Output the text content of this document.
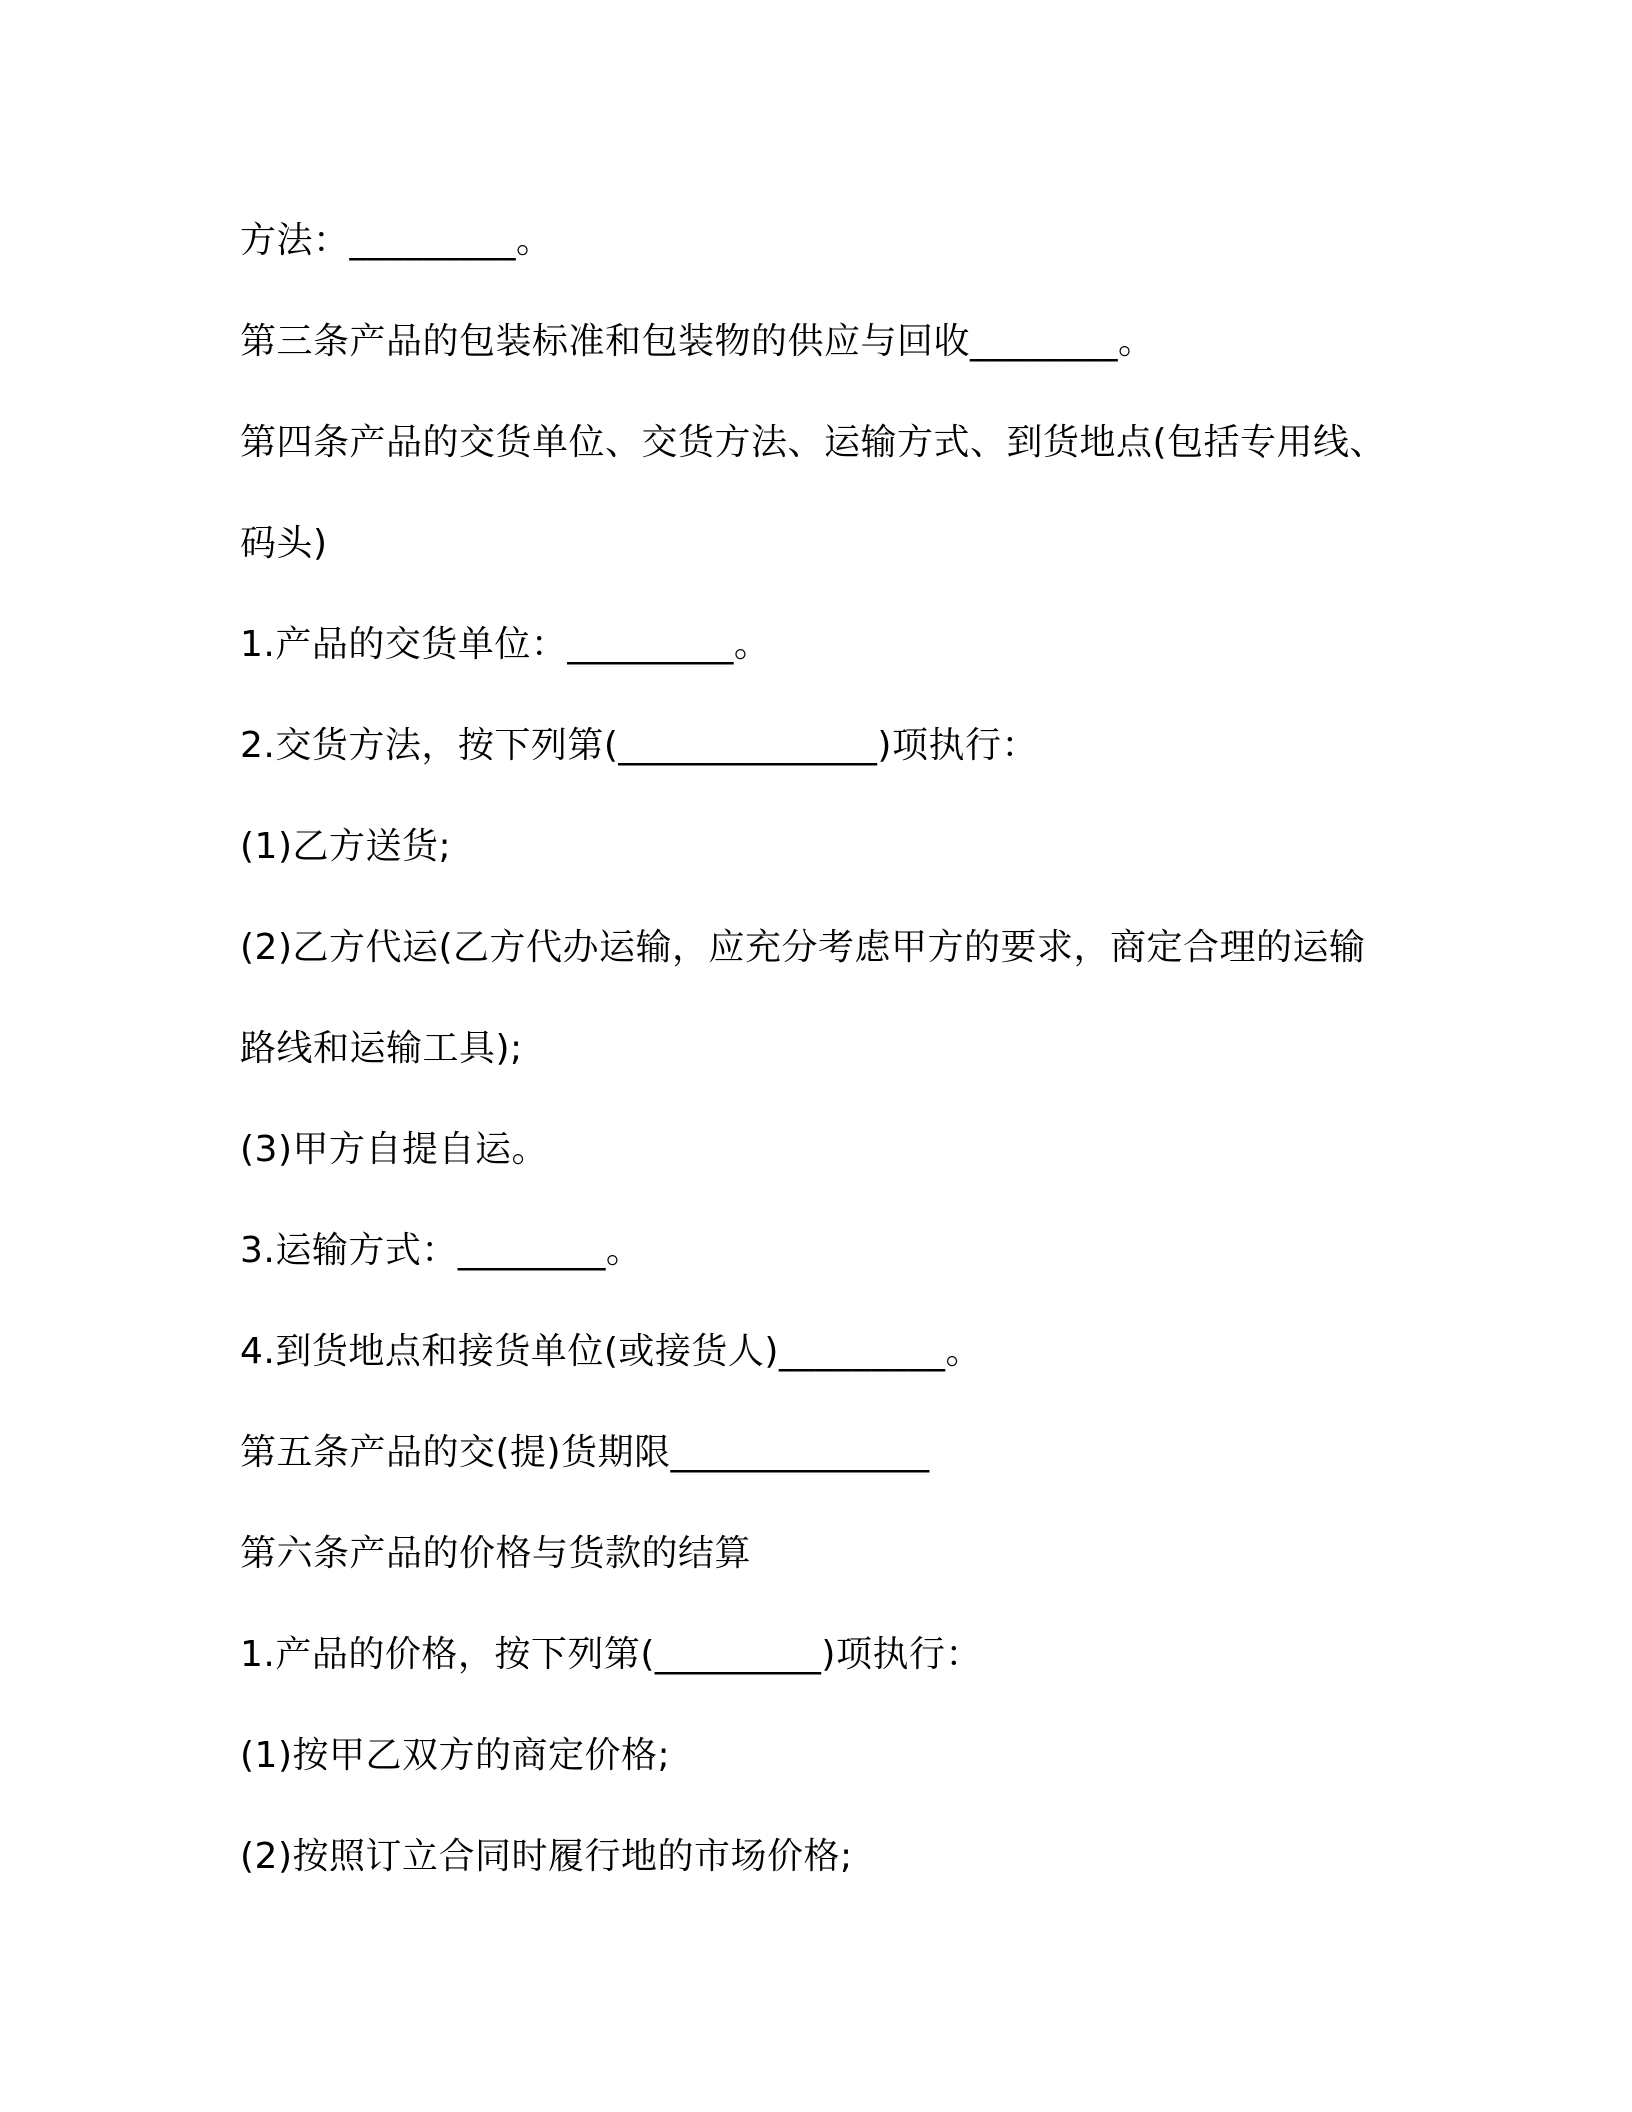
方法：_________。
第三条产品的包装标准和包装物的供应与回收________。
第四条产品的交货单位、交货方法、运输方式、到货地点(包括专用线、
码头)
1.产品的交货单位：_________。
2.交货方法，按下列第(______________)项执行：
(1)乙方送货;
(2)乙方代运(乙方代办运输，应充分考虑甲方的要求，商定合理的运输
路线和运输工具);
(3)甲方自提自运。
3.运输方式：________。
4.到货地点和接货单位(或接货人)_________。
第五条产品的交(提)货期限______________
第六条产品的价格与货款的结算
1.产品的价格，按下列第(_________)项执行：
(1)按甲乙双方的商定价格;
(2)按照订立合同时履行地的市场价格;
